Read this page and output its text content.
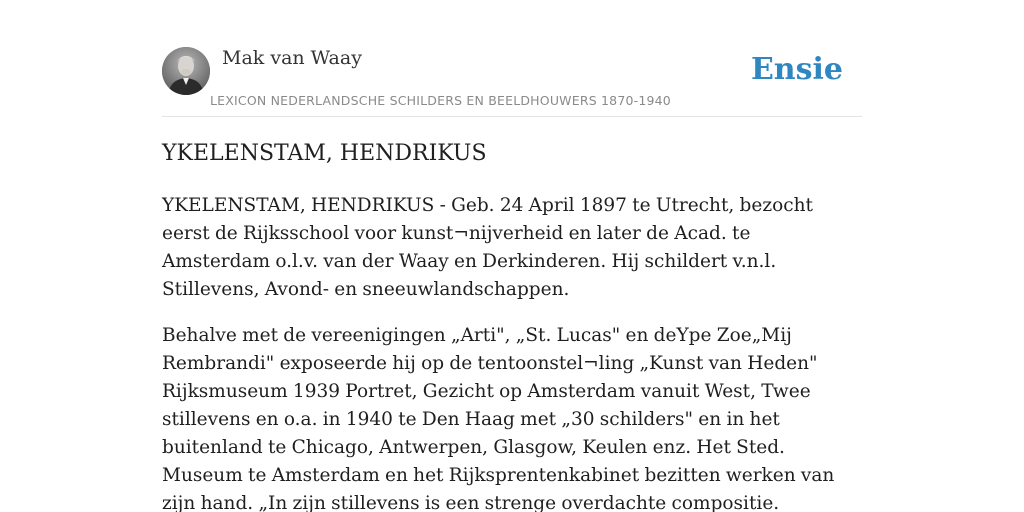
Mak van Waay
LEXICON NEDERLANDSCHE SCHILDERS EN BEELDHOUWERS 1870-1940
Ensie
YKELENSTAM, HENDRIKUS

YKELENSTAM, HENDRIKUS - Geb. 24 April 1897 te Utrecht, bezocht eerst de Rijksschool voor kunst¬nijverheid en later de Acad. te Amsterdam o.l.v. van der Waay en Derkinderen. Hij schildert v.n.l. Stillevens, Avond- en sneeuwlandschappen.

Behalve met de vereenigingen „Arti", „St. Lucas" en deYpe Zoe„Mij Rembrandi" exposeerde hij op de tentoonstel¬ling „Kunst van Heden" Rijksmuseum 1939 Portret, Gezicht op Amsterdam vanuit West, Twee stillevens en o.a. in 1940 te Den Haag met „30 schilders" en in het buitenland te Chicago, Antwerpen, Glasgow, Keulen enz. Het Sted. Museum te Amsterdam en het Rijksprentenkabinet bezitten werken van zijn hand. „In zijn stillevens is een strenge overdachte compositie.
